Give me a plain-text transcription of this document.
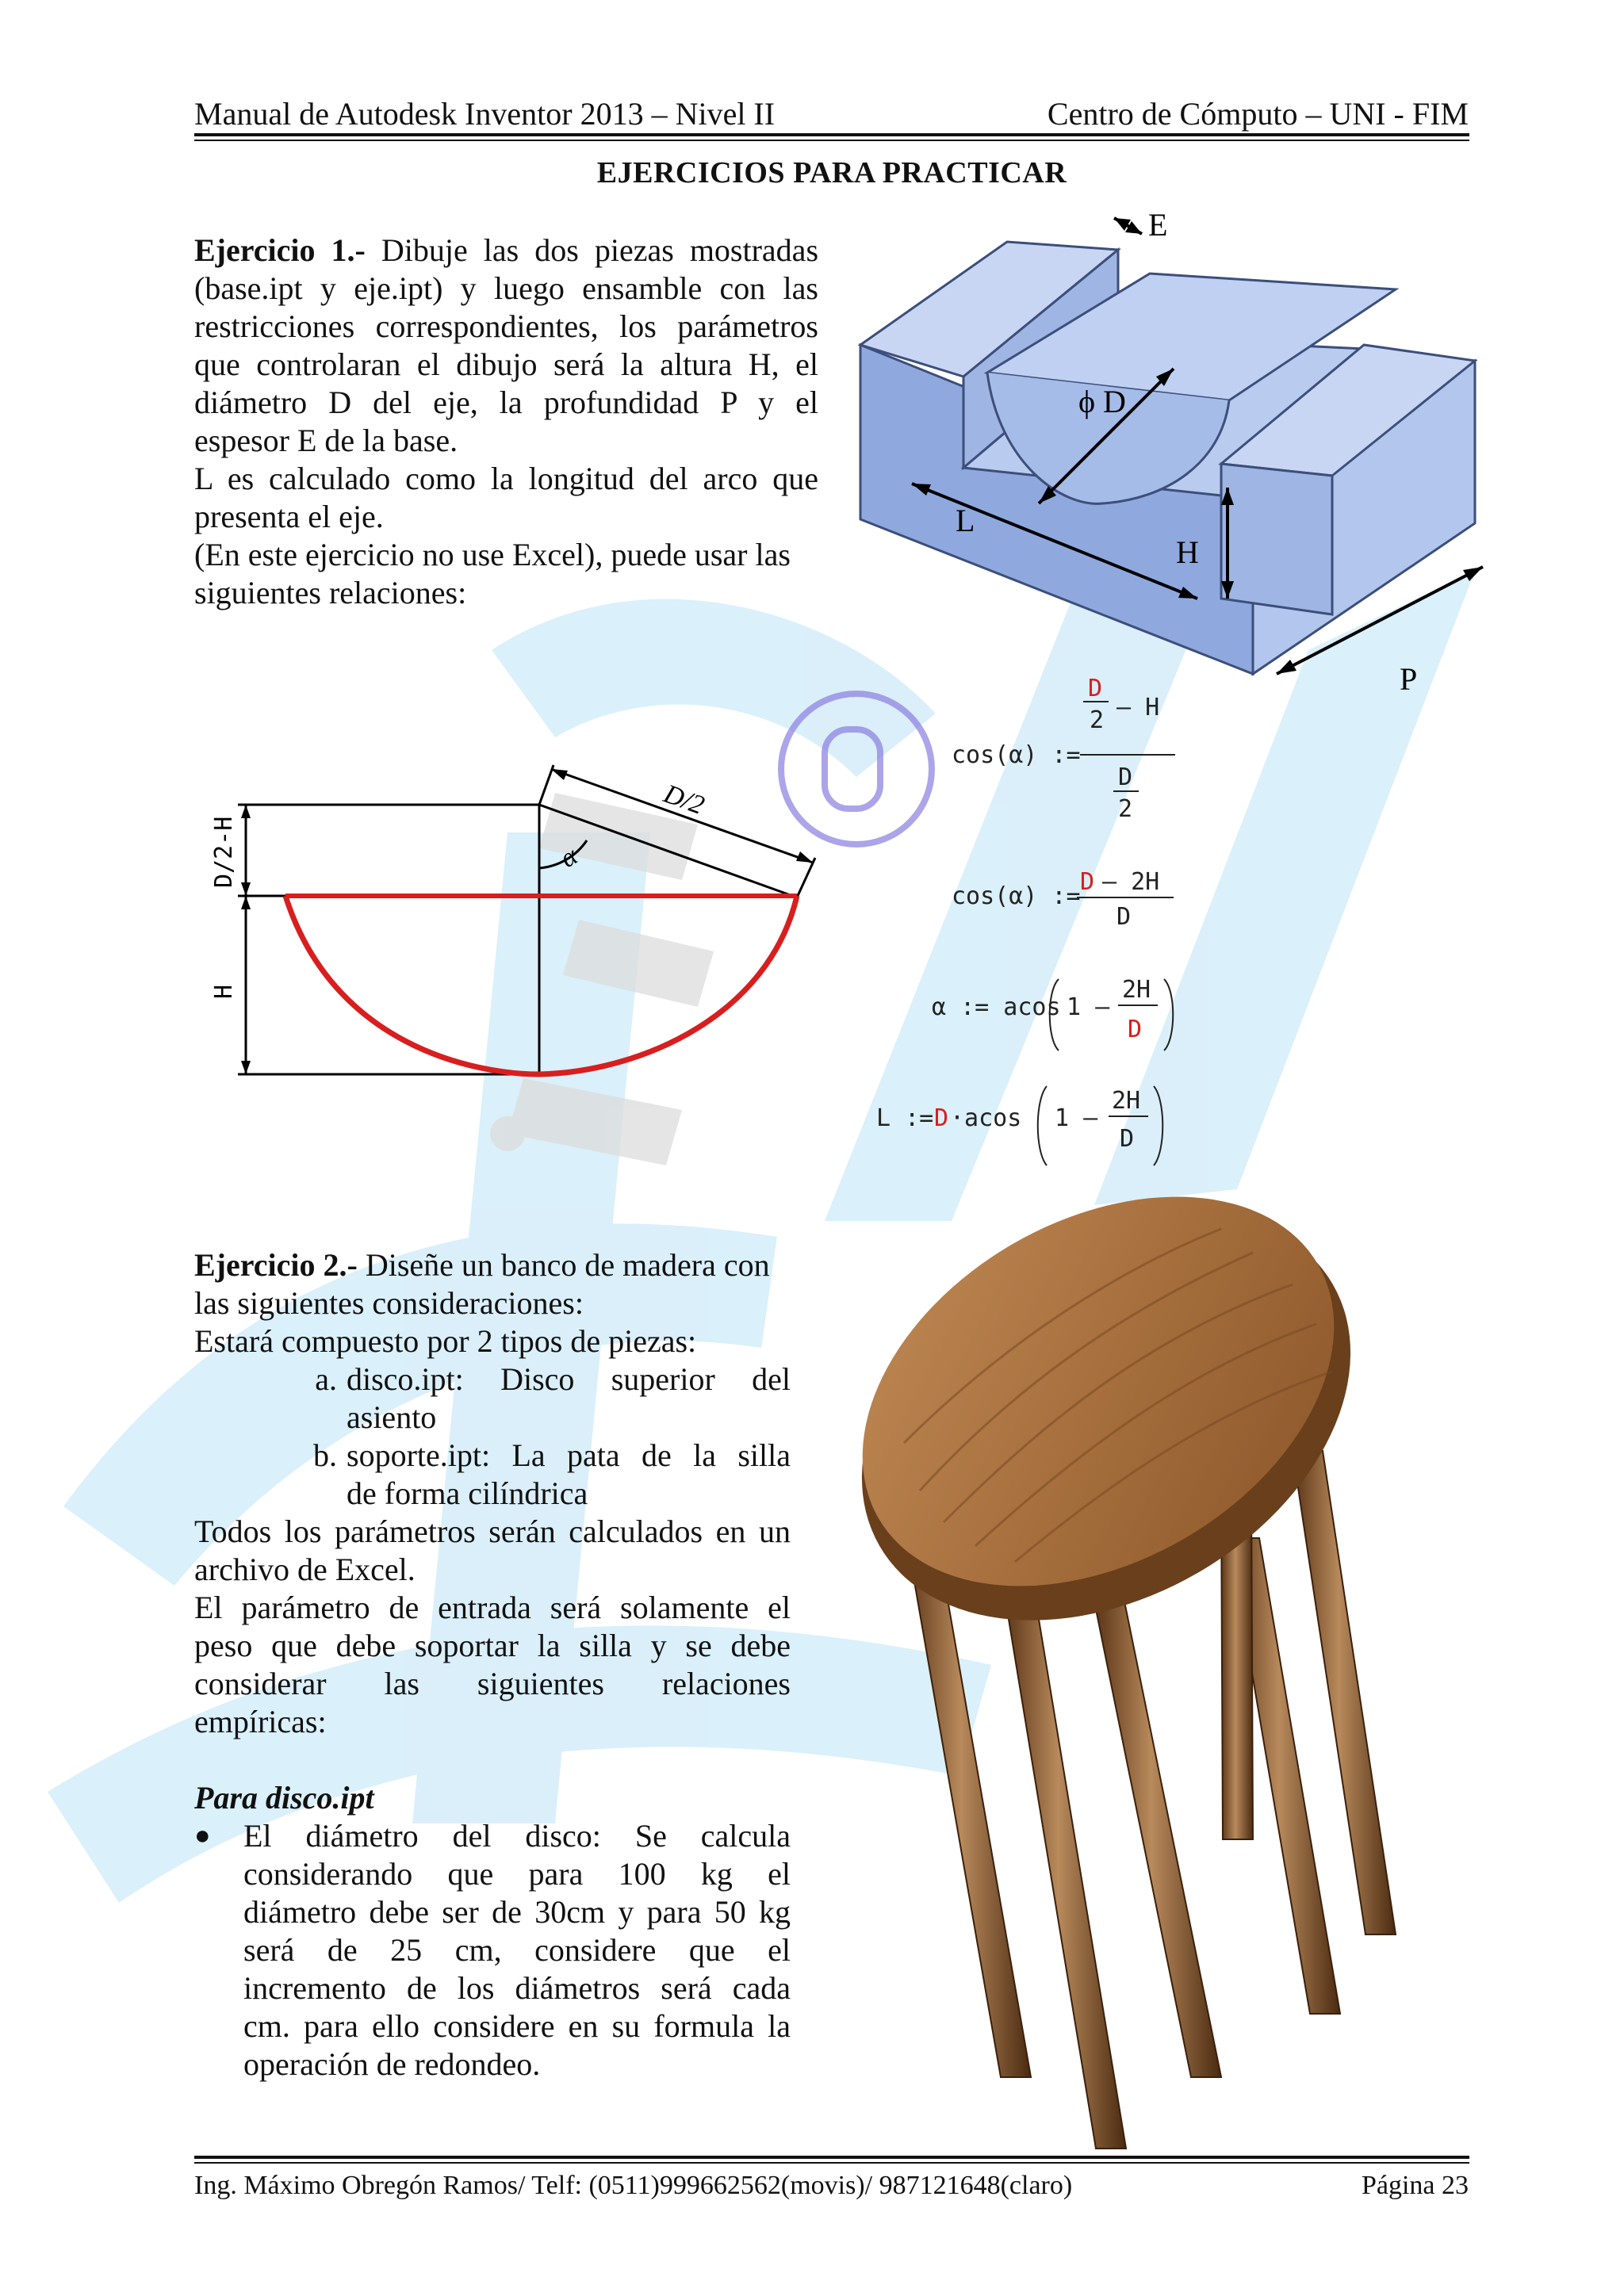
Manual de Autodesk Inventor 2013 – Nivel II	Centro de Cómputo – UNI - FIM
EJERCICIOS PARA PRACTICAR
Ejercicio 1.- Dibuje las dos piezas mostradas
(base.ipt y eje.ipt) y luego ensamble con las
restricciones correspondientes, los parámetros
que controlaran el dibujo será la altura H, el
diámetro D del eje, la profundidad P y el
espesor E de la base.
L es calculado como la longitud del arco que
presenta el eje.
(En este ejercicio no use Excel), puede usar las
siguientes relaciones:
E
ϕ D
L
H
P
D/2-H
H
D/2
α
cos(α) :=
D
2 – H
D
2
cos(α) :=
D – 2H
D
α := acos 1 –
2H
D
L := D ·acos 1 –
2H
D
Ejercicio 2.- Diseñe un banco de madera con
las siguientes consideraciones:
Estará compuesto por 2 tipos de piezas:
a. disco.ipt: Disco superior del
asiento
b. soporte.ipt: La pata de la silla
de forma cilíndrica
Todos los parámetros serán calculados en un
archivo de Excel.
El parámetro de entrada será solamente el
peso que debe soportar la silla y se debe
considerar las siguientes relaciones
empíricas:
Para disco.ipt
●	El diámetro del disco: Se calcula
considerando que para 100 kg el
diámetro debe ser de 30cm y para 50 kg
será de 25 cm, considere que el
incremento de los diámetros será cada
cm. para ello considere en su formula la
operación de redondeo.
Ing. Máximo Obregón Ramos/ Telf: (0511)999662562(movis)/ 987121648(claro)	Página 23
